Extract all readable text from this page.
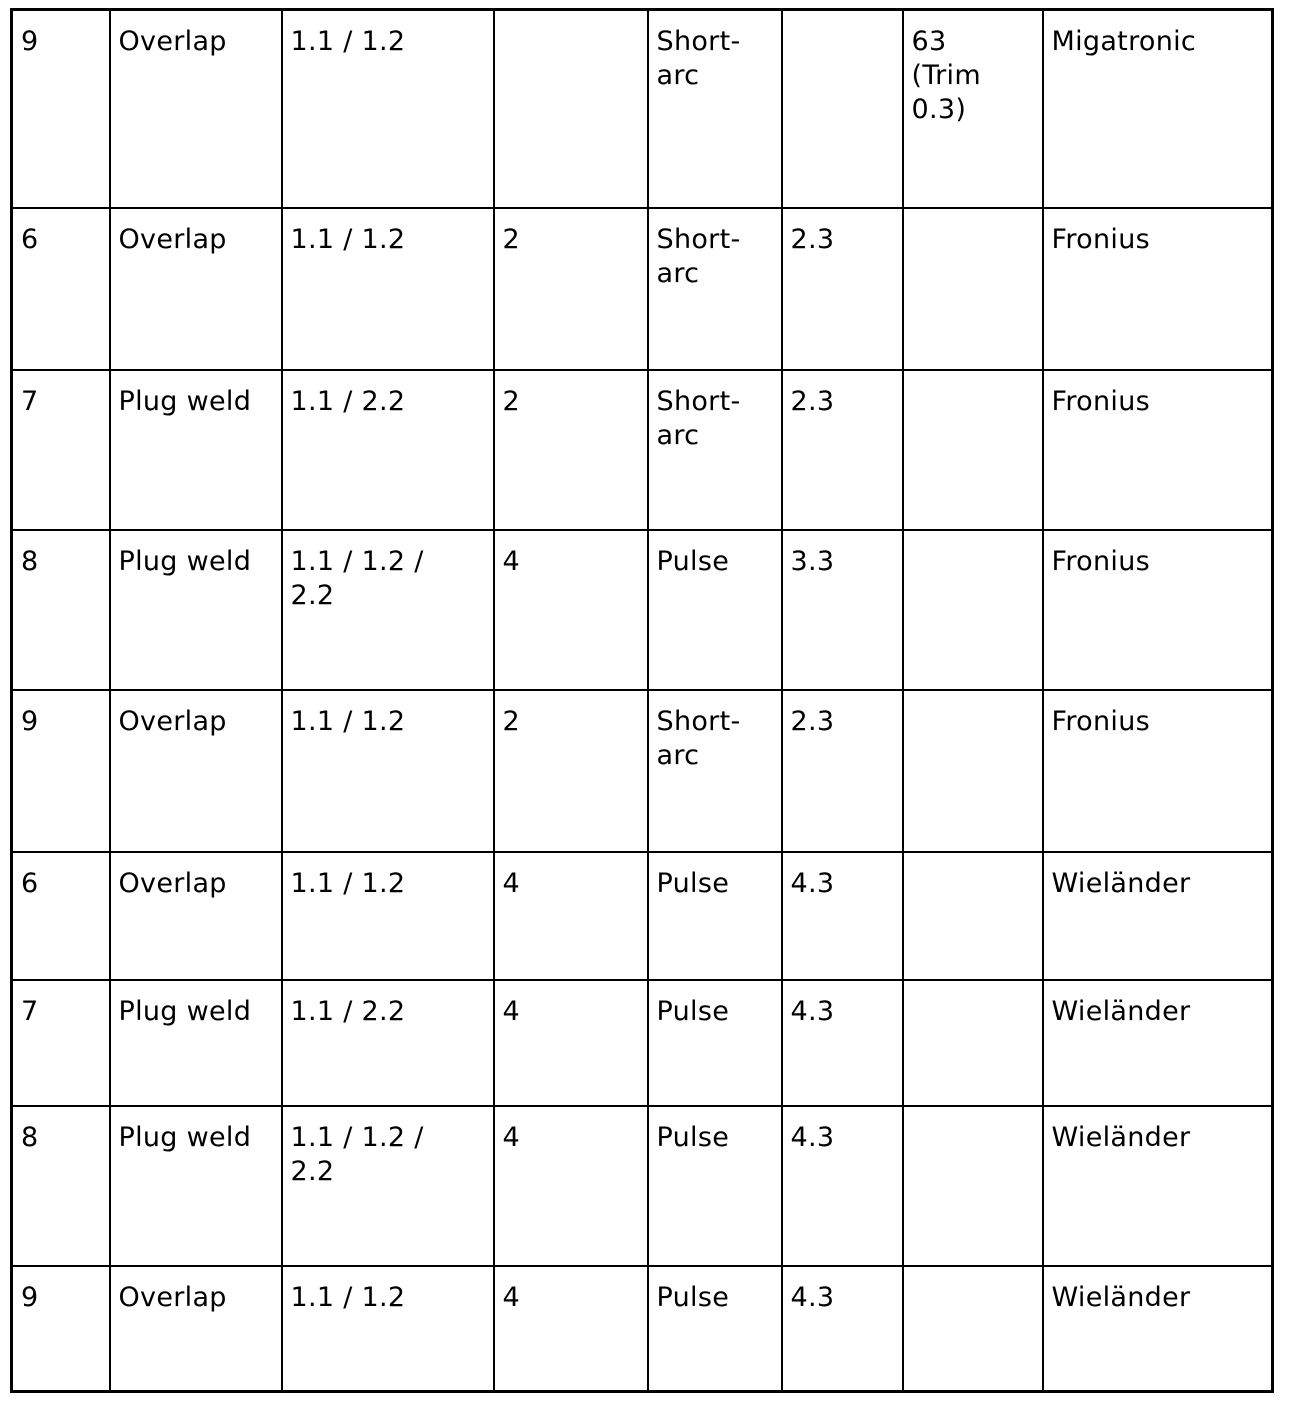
9	Overlap	1.1 / 1.2		Short-
arc		63
(Trim
0.3)	Migatronic
6	Overlap	1.1 / 1.2	2	Short-
arc	2.3		Fronius
7	Plug weld	1.1 / 2.2	2	Short-
arc	2.3		Fronius
8	Plug weld	1.1 / 1.2 /
2.2	4	Pulse	3.3		Fronius
9	Overlap	1.1 / 1.2	2	Short-
arc	2.3		Fronius
6	Overlap	1.1 / 1.2	4	Pulse	4.3		Wieländer
7	Plug weld	1.1 / 2.2	4	Pulse	4.3		Wieländer
8	Plug weld	1.1 / 1.2 /
2.2	4	Pulse	4.3		Wieländer
9	Overlap	1.1 / 1.2	4	Pulse	4.3		Wieländer
